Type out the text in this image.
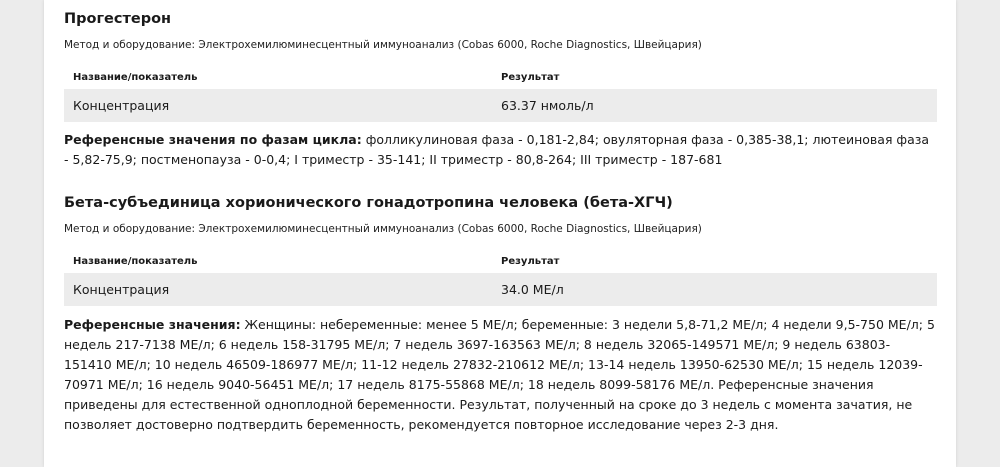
Прогестерон
Метод и оборудование: Электрохемилюминесцентный иммуноанализ (Cobas 6000, Roche Diagnostics, Швейцария)
Название/показатель	Результат
Концентрация	63.37 нмоль/л

Референсные значения по фазам цикла: фолликулиновая фаза - 0,181-2,84; овуляторная фаза - 0,385-38,1; лютеиновая фаза - 5,82-75,9; постменопауза - 0-0,4; I триместр - 35-141; II триместр - 80,8-264; III триместр - 187-681

Бета-субъединица хорионического гонадотропина человека (бета-ХГЧ)
Метод и оборудование: Электрохемилюминесцентный иммуноанализ (Cobas 6000, Roche Diagnostics, Швейцария)
Название/показатель	Результат
Концентрация	34.0 МЕ/л

Референсные значения: Женщины: небеременные: менее 5 МЕ/л; беременные: 3 недели 5,8-71,2 МЕ/л; 4 недели 9,5-750 МЕ/л; 5 недель 217-7138 МЕ/л; 6 недель 158-31795 МЕ/л; 7 недель 3697-163563 МЕ/л; 8 недель 32065-149571 МЕ/л; 9 недель 63803-151410 МЕ/л; 10 недель 46509-186977 МЕ/л; 11-12 недель 27832-210612 МЕ/л; 13-14 недель 13950-62530 МЕ/л; 15 недель 12039-70971 МЕ/л; 16 недель 9040-56451 МЕ/л; 17 недель 8175-55868 МЕ/л; 18 недель 8099-58176 МЕ/л. Референсные значения приведены для естественной одноплодной беременности. Результат, полученный на сроке до 3 недель с момента зачатия, не позволяет достоверно подтвердить беременность, рекомендуется повторное исследование через 2-3 дня.
